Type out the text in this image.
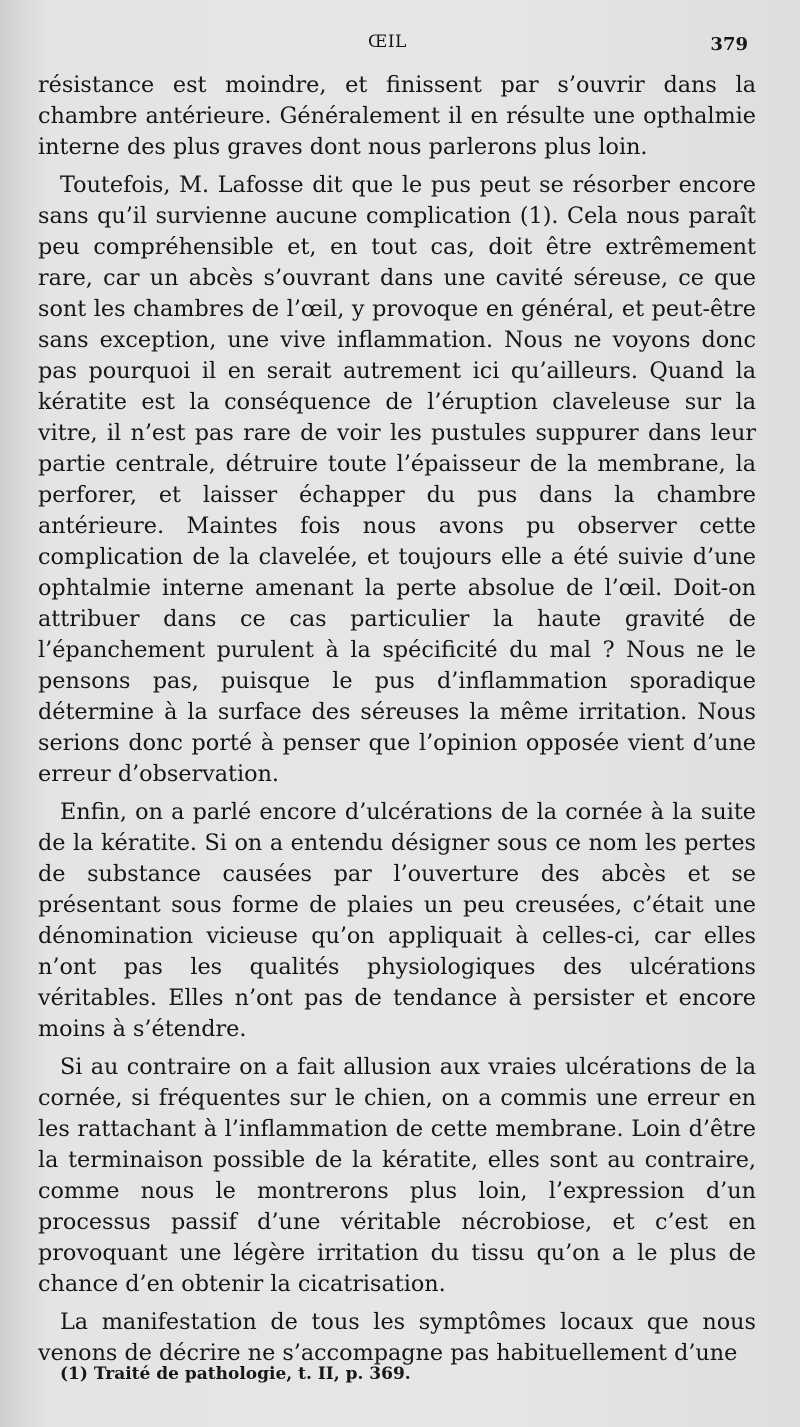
ŒIL	379

résistance est moindre, et finissent par s’ouvrir dans la chambre antérieure. Généralement il en résulte une opthalmie interne des plus graves dont nous parlerons plus loin.

Toutefois, M. Lafosse dit que le pus peut se résorber encore sans qu’il survienne aucune complication (1). Cela nous paraît peu compréhensible et, en tout cas, doit être extrêmement rare, car un abcès s’ouvrant dans une cavité séreuse, ce que sont les chambres de l’œil, y provoque en général, et peut-être sans exception, une vive inflammation. Nous ne voyons donc pas pourquoi il en serait autrement ici qu’ailleurs. Quand la kératite est la conséquence de l’éruption claveleuse sur la vitre, il n’est pas rare de voir les pustules suppurer dans leur partie centrale, détruire toute l’épaisseur de la membrane, la perforer, et laisser échapper du pus dans la chambre antérieure. Maintes fois nous avons pu observer cette complication de la clavelée, et toujours elle a été suivie d’une ophtalmie interne amenant la perte absolue de l’œil. Doit-on attribuer dans ce cas particulier la haute gravité de l’épanchement purulent à la spécificité du mal ? Nous ne le pensons pas, puisque le pus d’inflammation sporadique détermine à la surface des séreuses la même irritation. Nous serions donc porté à penser que l’opinion opposée vient d’une erreur d’observation.

Enfin, on a parlé encore d’ulcérations de la cornée à la suite de la kératite. Si on a entendu désigner sous ce nom les pertes de substance causées par l’ouverture des abcès et se présentant sous forme de plaies un peu creusées, c’était une dénomination vicieuse qu’on appliquait à celles-ci, car elles n’ont pas les qualités physiologiques des ulcérations véritables. Elles n’ont pas de tendance à persister et encore moins à s’étendre.

Si au contraire on a fait allusion aux vraies ulcérations de la cornée, si fréquentes sur le chien, on a commis une erreur en les rattachant à l’inflammation de cette membrane. Loin d’être la terminaison possible de la kératite, elles sont au contraire, comme nous le montrerons plus loin, l’expression d’un processus passif d’une véritable nécrobiose, et c’est en provoquant une légère irritation du tissu qu’on a le plus de chance d’en obtenir la cicatrisation.

La manifestation de tous les symptômes locaux que nous venons de décrire ne s’accompagne pas habituellement d’une

(1) Traité de pathologie, t. II, p. 369.
